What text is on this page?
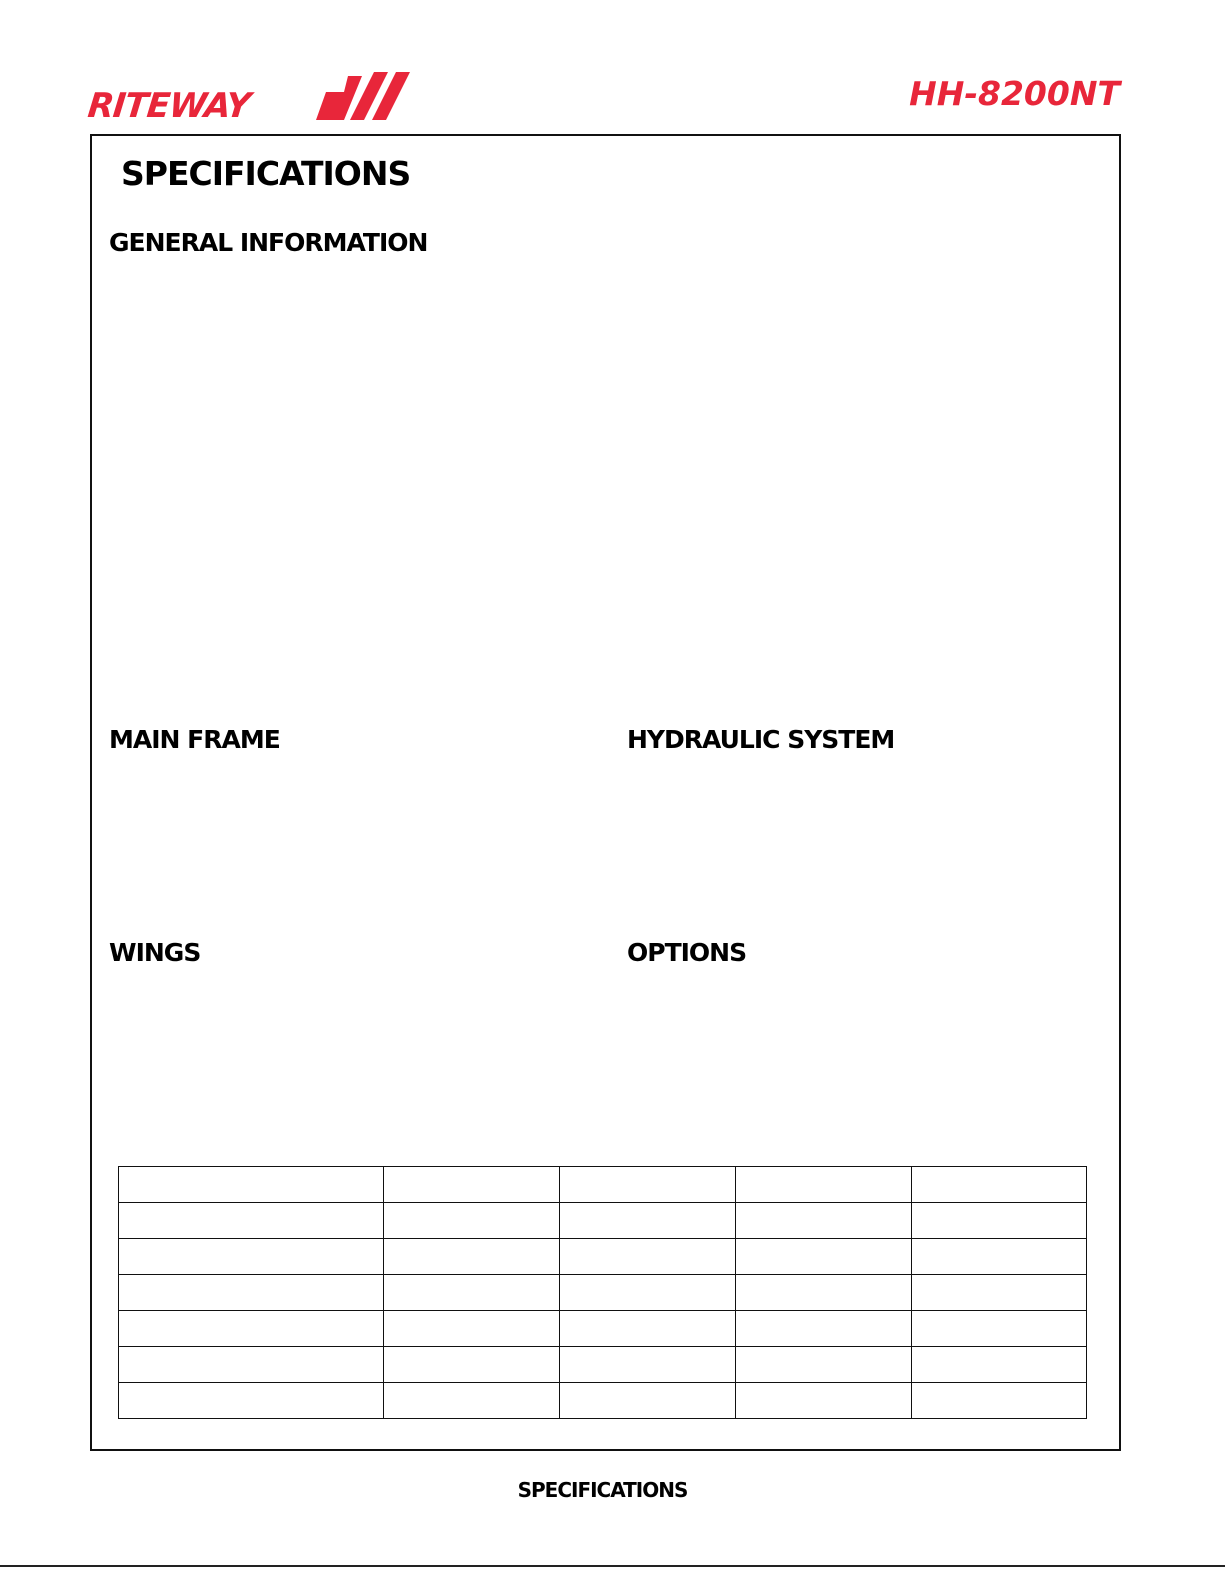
RITEWAY	HH-8200NT
SPECIFICATIONS
GENERAL INFORMATION
MAIN FRAME	HYDRAULIC SYSTEM
WINGS	OPTIONS

SPECIFICATIONS
